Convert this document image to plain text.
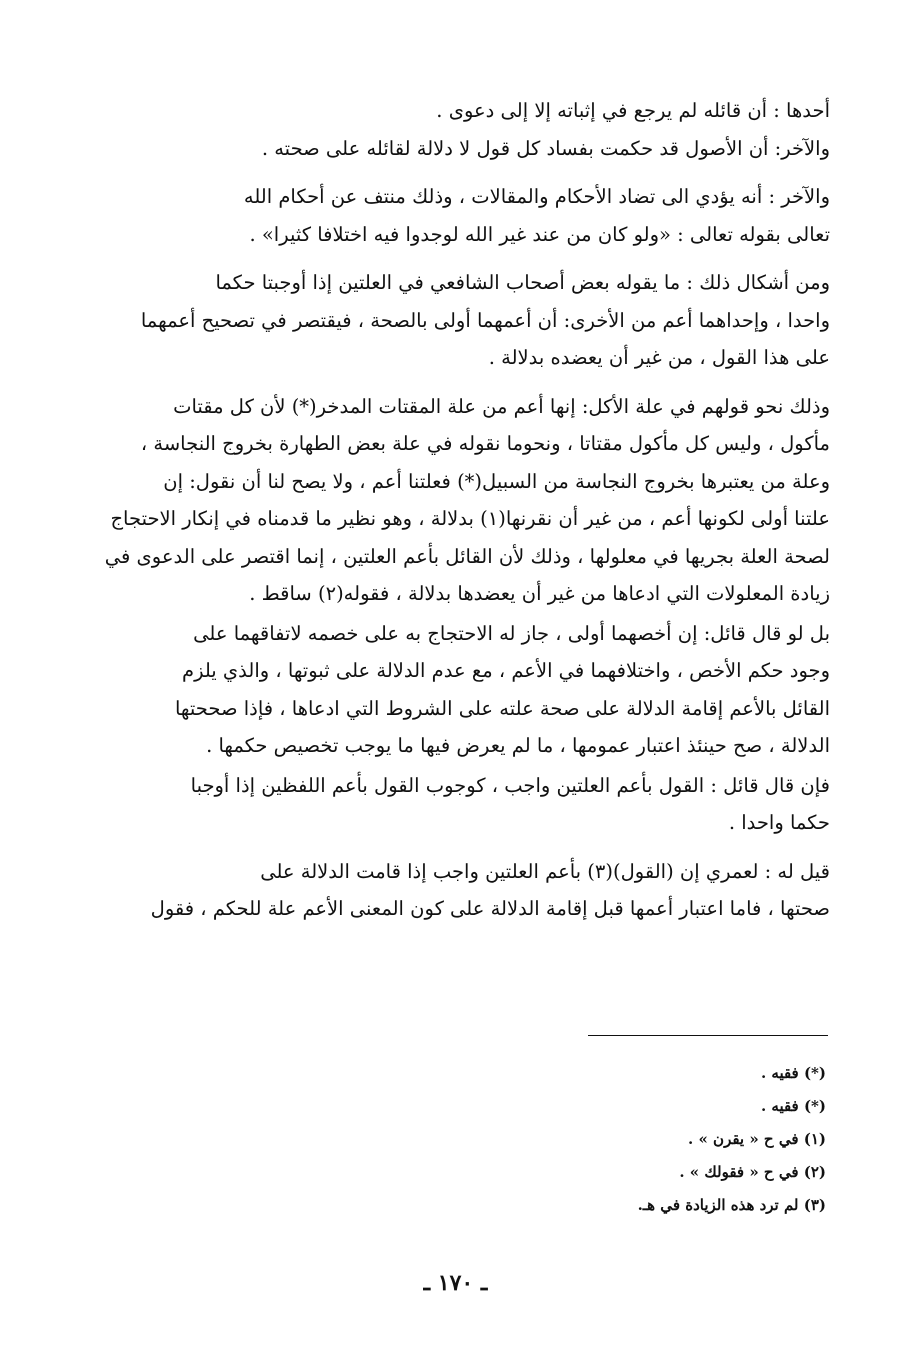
أحدها : أن قائله لم يرجع في إثباته إلا إلى دعوى .
والآخر: أن الأصول قد حكمت بفساد كل قول لا دلالة لقائله على صحته .
والآخر : أنه يؤدي الى تضاد الأحكام والمقالات ، وذلك منتف عن أحكام الله
تعالى بقوله تعالى : «ولو كان من عند غير الله لوجدوا فيه اختلافا كثيرا» .
ومن أشكال ذلك : ما يقوله بعض أصحاب الشافعي في العلتين إذا أوجبتا حكما
واحدا ، وإحداهما أعم من الأخرى: أن أعمهما أولى بالصحة ، فيقتصر في تصحيح أعمهما
على هذا القول ، من غير أن يعضده بدلالة .
وذلك نحو قولهم في علة الأكل: إنها أعم من علة المقتات المدخر(*) لأن كل مقتات
مأكول ، وليس كل مأكول مقتاتا ، ونحوما نقوله في علة بعض الطهارة بخروج النجاسة ،
وعلة من يعتبرها بخروج النجاسة من السبيل(*) فعلتنا أعم ، ولا يصح لنا أن نقول: إن
علتنا أولى لكونها أعم ، من غير أن نقرنها(١) بدلالة ، وهو نظير ما قدمناه في إنكار الاحتجاج
لصحة العلة بجريها في معلولها ، وذلك لأن القائل بأعم العلتين ، إنما اقتصر على الدعوى في
زيادة المعلولات التي ادعاها من غير أن يعضدها بدلالة ، فقوله(٢) ساقط .
بل لو قال قائل: إن أخصهما أولى ، جاز له الاحتجاج به على خصمه لاتفاقهما على
وجود حكم الأخص ، واختلافهما في الأعم ، مع عدم الدلالة على ثبوتها ، والذي يلزم
القائل بالأعم إقامة الدلالة على صحة علته على الشروط التي ادعاها ، فإذا صححتها
الدلالة ، صح حينئذ اعتبار عمومها ، ما لم يعرض فيها ما يوجب تخصيص حكمها .
فإن قال قائل : القول بأعم العلتين واجب ، كوجوب القول بأعم اللفظين إذا أوجبا
حكما واحدا .
قيل له : لعمري إن (القول)(٣) بأعم العلتين واجب إذا قامت الدلالة على
صحتها ، فاما اعتبار أعمها قبل إقامة الدلالة على كون المعنى الأعم علة للحكم ، فقول
(*) فقيه .
(*) فقيه .
(١) في ح « يقرن » .
(٢) في ح « فقولك » .
(٣) لم ترد هذه الزيادة في هـ.
ـ ١٧٠ ـ
